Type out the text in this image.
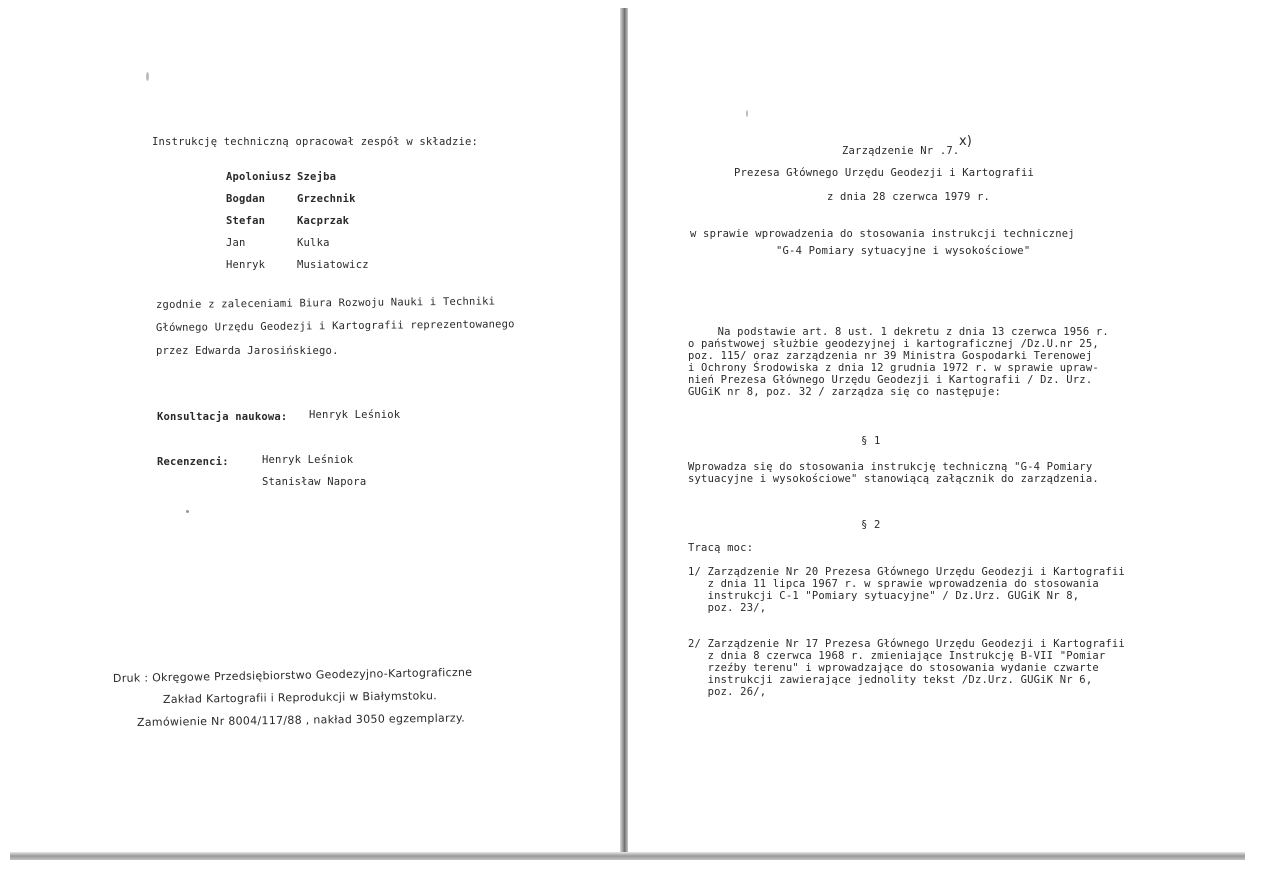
Instrukcję techniczną opracował zespół w składzie:
Apoloniusz Szejba
Bogdan	Grzechnik
Stefan	Kacprzak
Jan	Kulka
Henryk	Musiatowicz
zgodnie z zaleceniami Biura Rozwoju Nauki i Techniki
Głównego Urzędu Geodezji i Kartografii reprezentowanego
przez Edwarda Jarosińskiego.
Konsultacja naukowa: Henryk Leśniok
Recenzenci:	Henryk Leśniok
Stanisław Napora
Druk : Okręgowe Przedsiębiorstwo Geodezyjno-Kartograficzne
Zakład Kartografii i Reprodukcji w Białymstoku.
Zamówienie Nr 8004/117/88 , nakład 3050 egzemplarzy.
Zarządzenie Nr .7.
x)
Prezesa Głównego Urzędu Geodezji i Kartografii
z dnia 28 czerwca 1979 r.
w sprawie wprowadzenia do stosowania instrukcji technicznej
"G-4 Pomiary sytuacyjne i wysokościowe"
Na podstawie art. 8 ust. 1 dekretu z dnia 13 czerwca 1956 r.
o państwowej służbie geodezyjnej i kartograficznej /Dz.U.nr 25,
poz. 115/ oraz zarządzenia nr 39 Ministra Gospodarki Terenowej
i Ochrony Środowiska z dnia 12 grudnia 1972 r. w sprawie upraw-
nień Prezesa Głównego Urzędu Geodezji i Kartografii / Dz. Urz.
GUGiK nr 8, poz. 32 / zarządza się co następuje:
§ 1
Wprowadza się do stosowania instrukcję techniczną "G-4 Pomiary
sytuacyjne i wysokościowe" stanowiącą załącznik do zarządzenia.
§ 2
Tracą moc:
1/ Zarządzenie Nr 20 Prezesa Głównego Urzędu Geodezji i Kartografii
z dnia 11 lipca 1967 r. w sprawie wprowadzenia do stosowania
instrukcji C-1 "Pomiary sytuacyjne" / Dz.Urz. GUGiK Nr 8,
poz. 23/,
2/ Zarządzenie Nr 17 Prezesa Głównego Urzędu Geodezji i Kartografii
z dnia 8 czerwca 1968 r. zmieniające Instrukcję B-VII "Pomiar
rzeźby terenu" i wprowadzające do stosowania wydanie czwarte
instrukcji zawierające jednolity tekst /Dz.Urz. GUGiK Nr 6,
poz. 26/,
